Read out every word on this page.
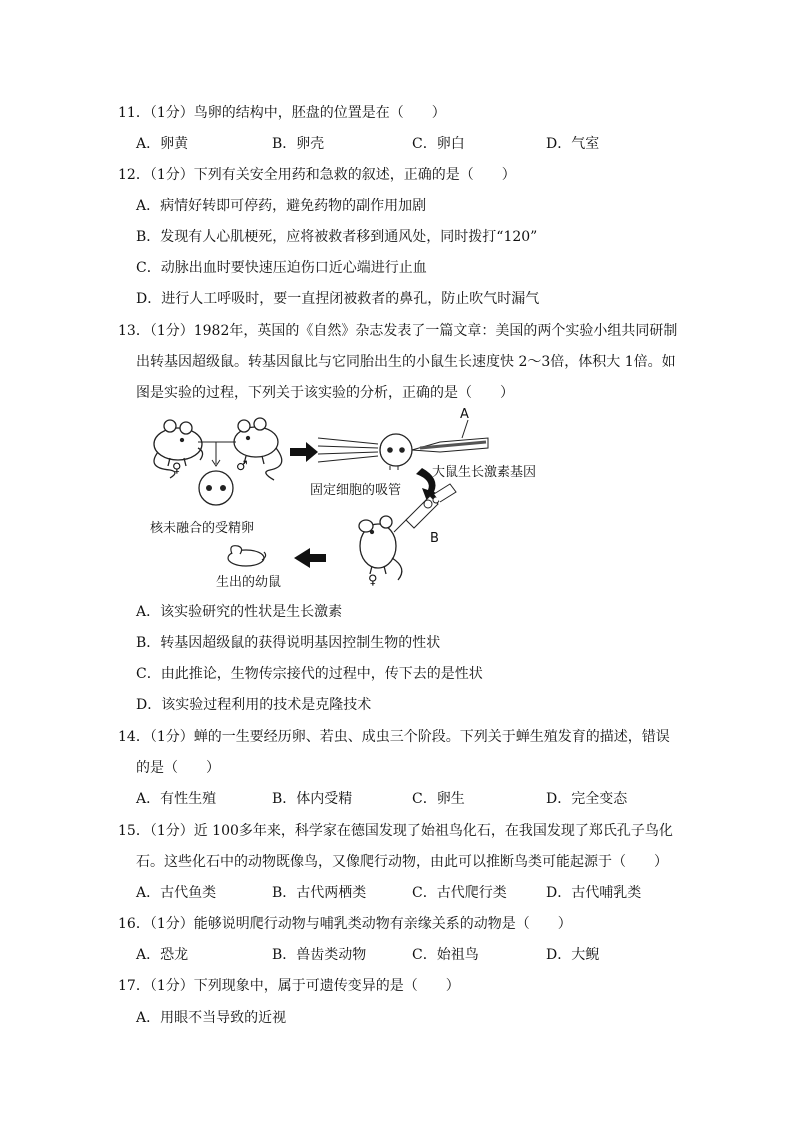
11．（1分）鸟卵的结构中，胚盘的位置是在（　　）
A．卵黄	B．卵壳	C．卵白	D．气室
12．（1分）下列有关安全用药和急救的叙述，正确的是（　　）
A．病情好转即可停药，避免药物的副作用加剧
B．发现有人心肌梗死，应将被救者移到通风处，同时拨打“120”
C．动脉出血时要快速压迫伤口近心端进行止血
D．进行人工呼吸时，要一直捏闭被救者的鼻孔，防止吹气时漏气
13．（1分）1982年，英国的《自然》杂志发表了一篇文章：美国的两个实验小组共同研制
出转基因超级鼠。转基因鼠比与它同胎出生的小鼠生长速度快 2～3倍，体积大 1倍。如
图是实验的过程，下列关于该实验的分析，正确的是（　　）
♀	♂
核未融合的受精卵
A
固定细胞的吸管
大鼠生长激素基因
B
♀
生出的幼鼠
A．该实验研究的性状是生长激素
B．转基因超级鼠的获得说明基因控制生物的性状
C．由此推论，生物传宗接代的过程中，传下去的是性状
D．该实验过程利用的技术是克隆技术
14．（1分）蝉的一生要经历卵、若虫、成虫三个阶段。下列关于蝉生殖发育的描述，错误
的是（　　）
A．有性生殖	B．体内受精	C．卵生	D．完全变态
15．（1分）近 100多年来，科学家在德国发现了始祖鸟化石，在我国发现了郑氏孔子鸟化
石。这些化石中的动物既像鸟，又像爬行动物，由此可以推断鸟类可能起源于（　　）
A．古代鱼类	B．古代两栖类	C．古代爬行类	D．古代哺乳类
16．（1分）能够说明爬行动物与哺乳类动物有亲缘关系的动物是（　　）
A．恐龙	B．兽齿类动物	C．始祖鸟	D．大鲵
17．（1分）下列现象中，属于可遗传变异的是（　　）
A．用眼不当导致的近视
